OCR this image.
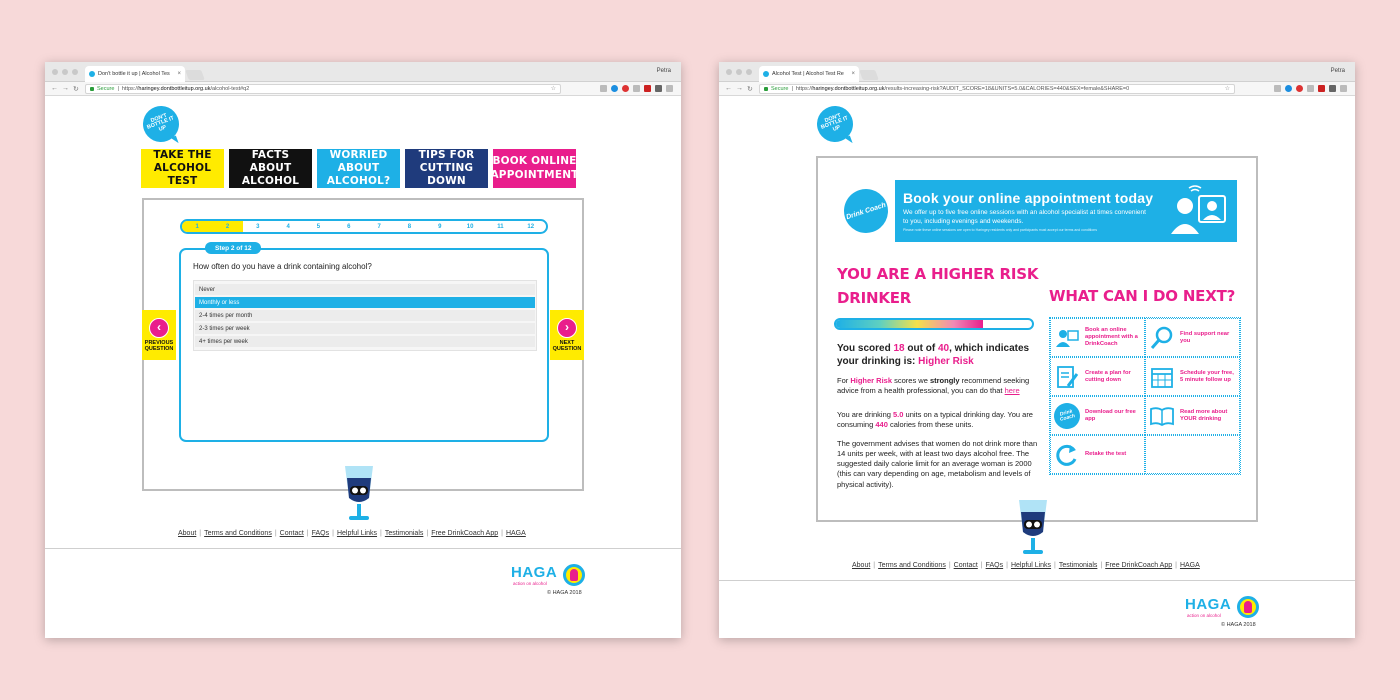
Don't bottle it up | Alcohol Tes ×	Petra
← → ↻	Secure | https:// haringey.dontbottleitup.org.uk /alcohol-test#q2	☆
DON'T BOTTLE IT UP
TAKE THE ALCOHOL TEST
FACTS ABOUT ALCOHOL
WORRIED ABOUT ALCOHOL?
TIPS FOR CUTTING DOWN
BOOK ONLINE APPOINTMENT
1	2	3	4	5	6	7	8	9	10	11	12
Step 2 of 12
How often do you have a drink containing alcohol?
Never
Monthly or less
2-4 times per month
2-3 times per week
4+ times per week
‹
PREVIOUS QUESTION
›
NEXT QUESTION
About | Terms and Conditions | Contact | FAQs | Helpful Links | Testimonials | Free DrinkCoach App | HAGA
HAGA
action on alcohol
© HAGA 2018
Alcohol Test | Alcohol Test Re ×	Petra
← → ↻	Secure | https:// haringey.dontbottleitup.org.uk /results-increasing-risk?AUDIT_SCORE=18&UNITS=5.0&CALORIES=440&SEX=female&SHARE=0	☆
DON'T BOTTLE IT UP
Drink Coach
Book your online appointment today
We offer up to five free online sessions with an alcohol specialist at times convenient to you, including evenings and weekends.
Please note these online sessions are open to Haringey residents only and participants must accept our terms and conditions
YOU ARE A HIGHER RISK
DRINKER	WHAT CAN I DO NEXT?
You scored 18 out of 40, which indicates your drinking is: Higher Risk
For Higher Risk scores we strongly recommend seeking advice from a health professional, you can do that here
You are drinking 5.0 units on a typical drinking day. You are consuming 440 calories from these units.
The government advises that women do not drink more than 14 units per week, with at least two days alcohol free. The suggested daily calorie limit for an average woman is 2000 (this can vary depending on age, metabolism and levels of physical activity).
Book an online appointment with a DrinkCoach
Find support near you
Create a plan for cutting down
Schedule your free, 5 minute follow up
Drink Coach
Download our free app
Read more about YOUR drinking
Retake the test
About | Terms and Conditions | Contact | FAQs | Helpful Links | Testimonials | Free DrinkCoach App | HAGA
HAGA
action on alcohol
© HAGA 2018
